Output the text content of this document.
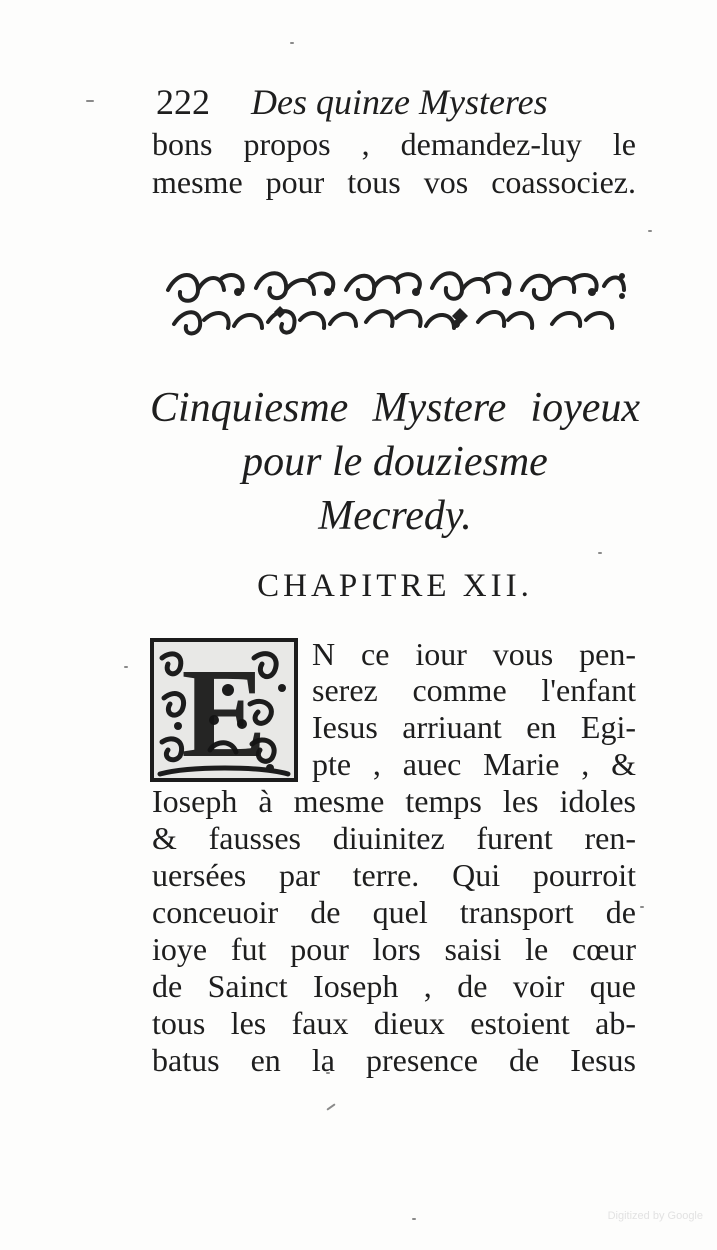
222 Des quinze Mysteres
bons propos , demandez-luy le
mesme pour tous vos coassociez.
Cinquiesme Mystere ioyeux
pour le douziesme
Mecredy.
CHAPITRE XII.
E N ce iour vous pen-
serez comme l'enfant
Iesus arriuant en Egi-
pte , auec Marie , &
Ioseph à mesme temps les idoles
& fausses diuinitez furent ren-
uersées par terre. Qui pourroit
conceuoir de quel transport de
ioye fut pour lors saisi le cœur
de Sainct Ioseph , de voir que
tous les faux dieux estoient ab-
batus en la presence de Iesus
Digitized by Google
